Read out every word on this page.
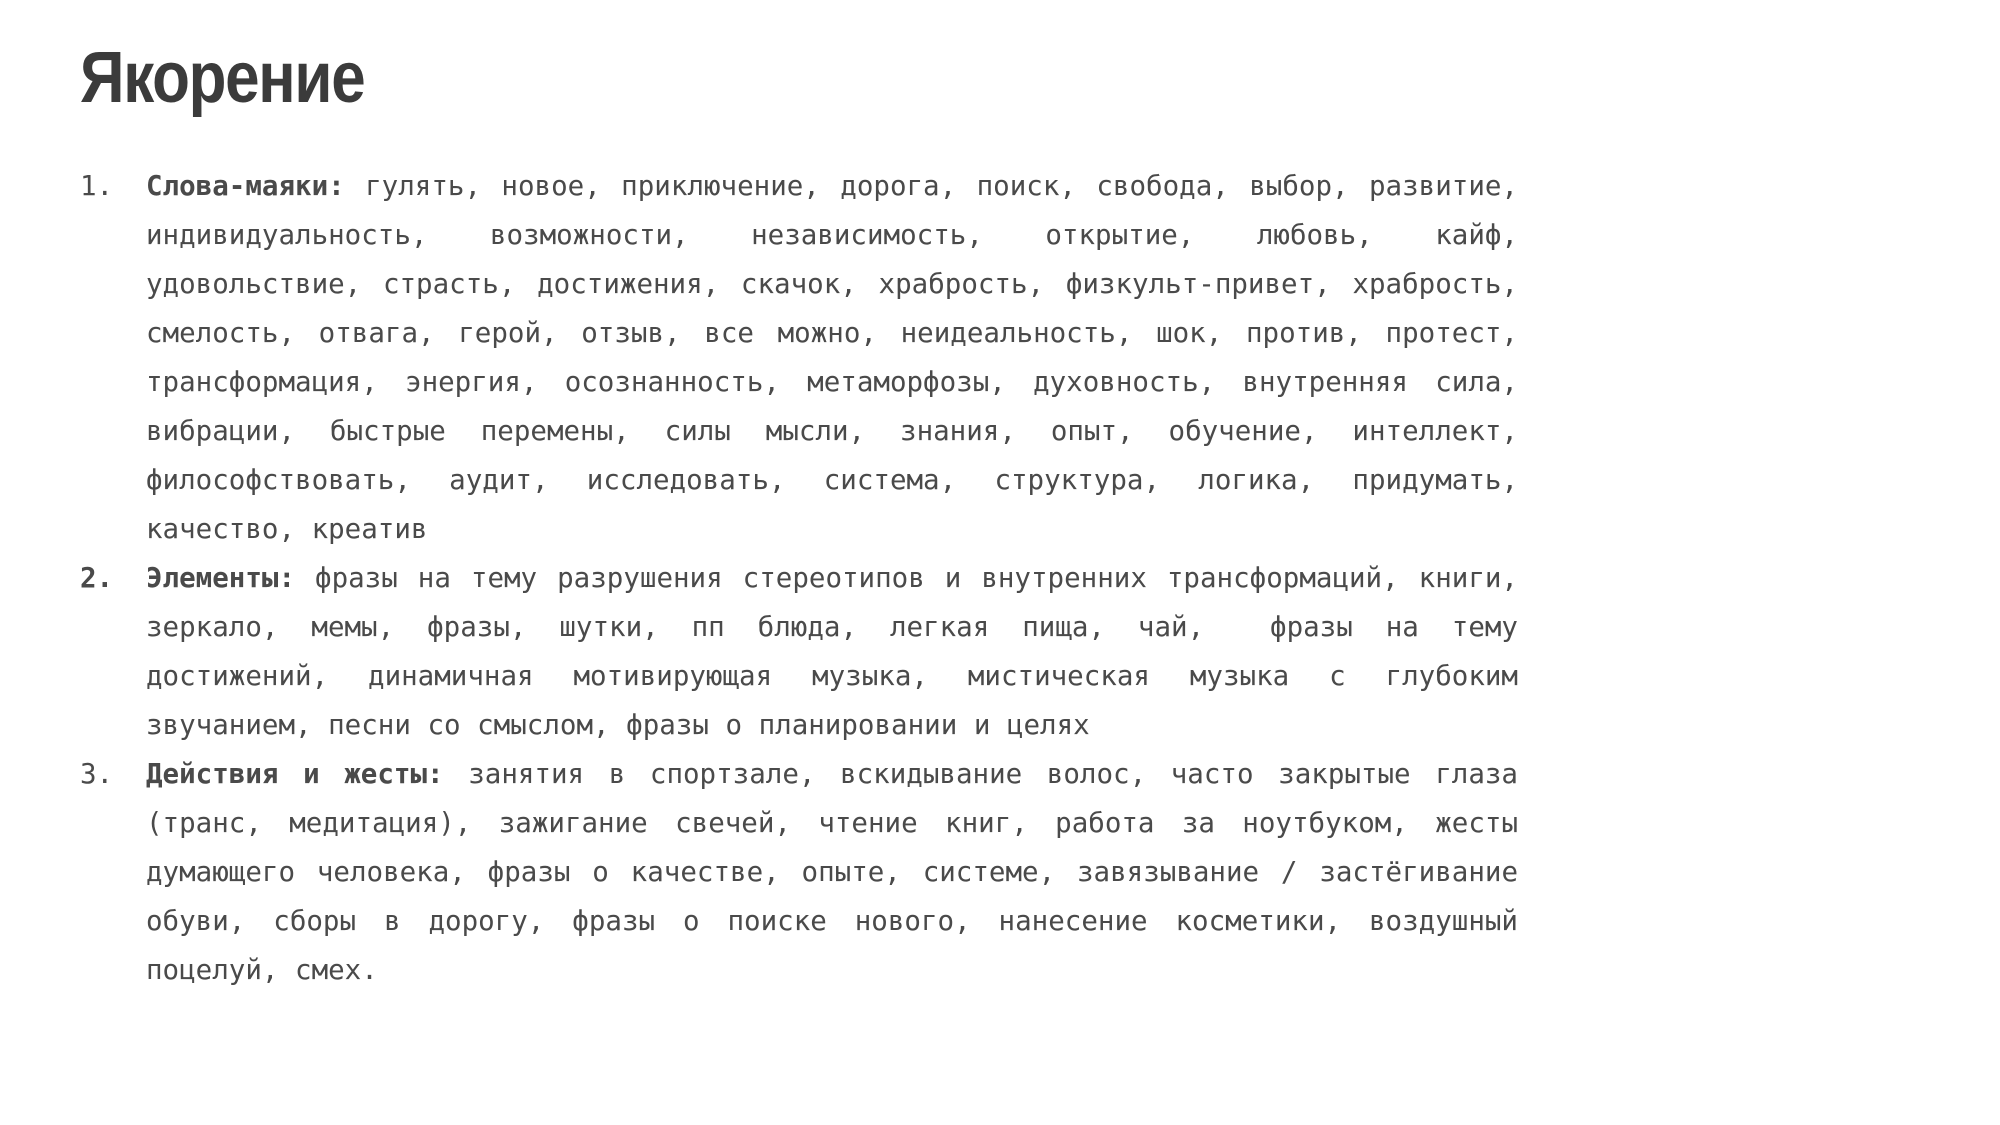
Якорение
1.	Слова-маяки: гулять, новое, приключение, дорога, поиск, свобода, выбор, развитие, индивидуальность, возможности, независимость, открытие, любовь, кайф, удовольствие, страсть, достижения, скачок, храбрость, физкульт-привет, храбрость, смелость, отвага, герой, отзыв, все можно, неидеальность, шок, против, протест, трансформация, энергия, осознанность, метаморфозы, духовность, внутренняя сила, вибрации, быстрые перемены, силы мысли, знания, опыт, обучение, интеллект, философствовать, аудит, исследовать, система, структура, логика, придумать, качество, креатив

2.	Элементы: фразы на тему разрушения стереотипов и внутренних трансформаций, книги, зеркало, мемы, фразы, шутки, пп блюда, легкая пища, чай,  фразы на тему достижений, динамичная мотивирующая музыка, мистическая музыка с глубоким звучанием, песни со смыслом, фразы о планировании и целях

3.	Действия и жесты: занятия в спортзале, вскидывание волос, часто закрытые глаза (транс, медитация), зажигание свечей, чтение книг, работа за ноутбуком, жесты думающего человека, фразы о качестве, опыте, системе, завязывание / застёгивание обуви, сборы в дорогу, фразы о поиске нового, нанесение косметики, воздушный поцелуй, смех.
